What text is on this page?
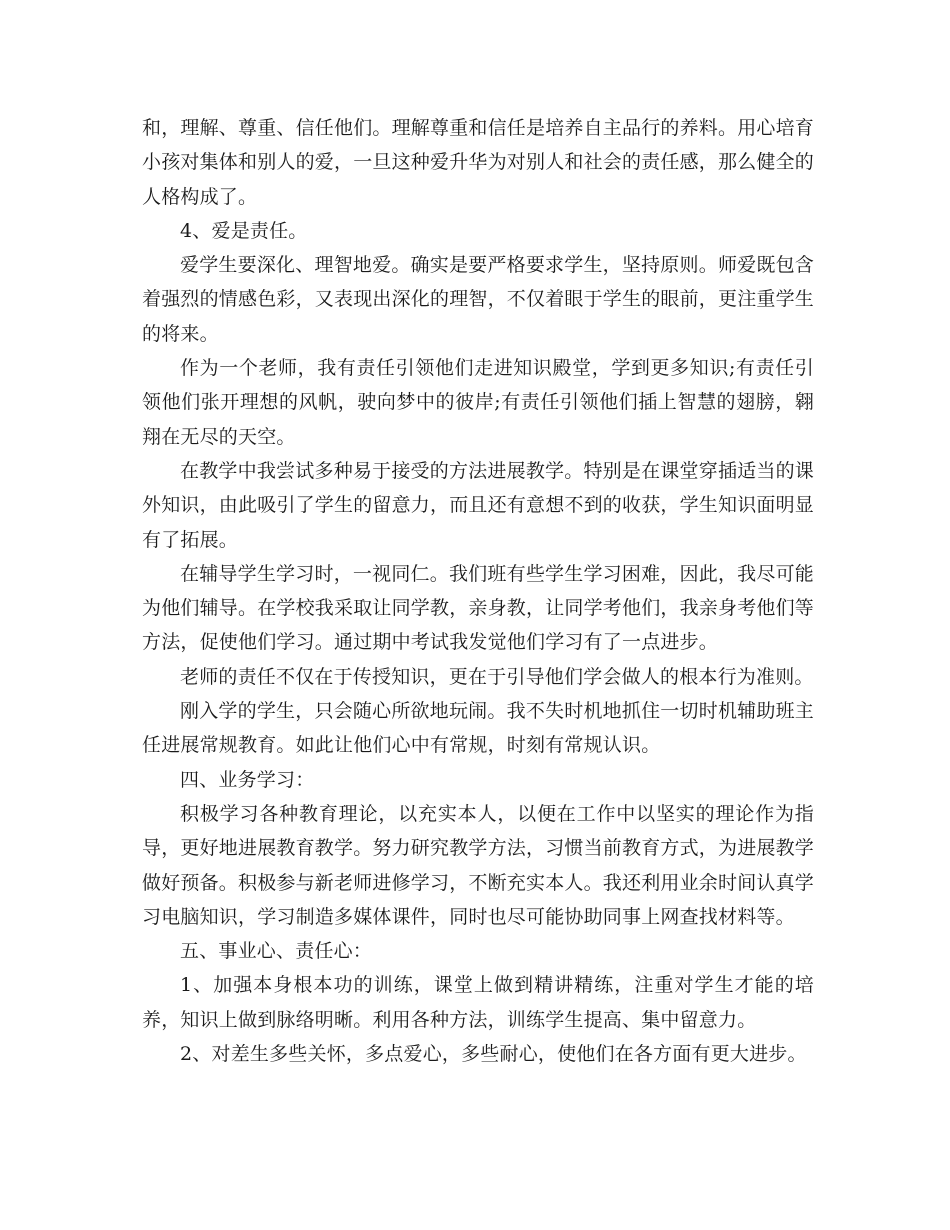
和，理解、尊重、信任他们。理解尊重和信任是培养自主品行的养料。用心培育小孩对集体和别人的爱，一旦这种爱升华为对别人和社会的责任感，那么健全的人格构成了。

4、爱是责任。

爱学生要深化、理智地爱。确实是要严格要求学生，坚持原则。师爱既包含着强烈的情感色彩，又表现出深化的理智，不仅着眼于学生的眼前，更注重学生的将来。

作为一个老师，我有责任引领他们走进知识殿堂，学到更多知识;有责任引领他们张开理想的风帆，驶向梦中的彼岸;有责任引领他们插上智慧的翅膀，翱翔在无尽的天空。

在教学中我尝试多种易于接受的方法进展教学。特别是在课堂穿插适当的课外知识，由此吸引了学生的留意力，而且还有意想不到的收获，学生知识面明显有了拓展。

在辅导学生学习时，一视同仁。我们班有些学生学习困难，因此，我尽可能为他们辅导。在学校我采取让同学教，亲身教，让同学考他们，我亲身考他们等方法，促使他们学习。通过期中考试我发觉他们学习有了一点进步。

老师的责任不仅在于传授知识，更在于引导他们学会做人的根本行为准则。

刚入学的学生，只会随心所欲地玩闹。我不失时机地抓住一切时机辅助班主任进展常规教育。如此让他们心中有常规，时刻有常规认识。

四、业务学习：

积极学习各种教育理论，以充实本人，以便在工作中以坚实的理论作为指导，更好地进展教育教学。努力研究教学方法，习惯当前教育方式，为进展教学做好预备。积极参与新老师进修学习，不断充实本人。我还利用业余时间认真学习电脑知识，学习制造多媒体课件，同时也尽可能协助同事上网查找材料等。

五、事业心、责任心：

1、加强本身根本功的训练，课堂上做到精讲精练，注重对学生才能的培养，知识上做到脉络明晰。利用各种方法，训练学生提高、集中留意力。

2、对差生多些关怀，多点爱心，多些耐心，使他们在各方面有更大进步。
